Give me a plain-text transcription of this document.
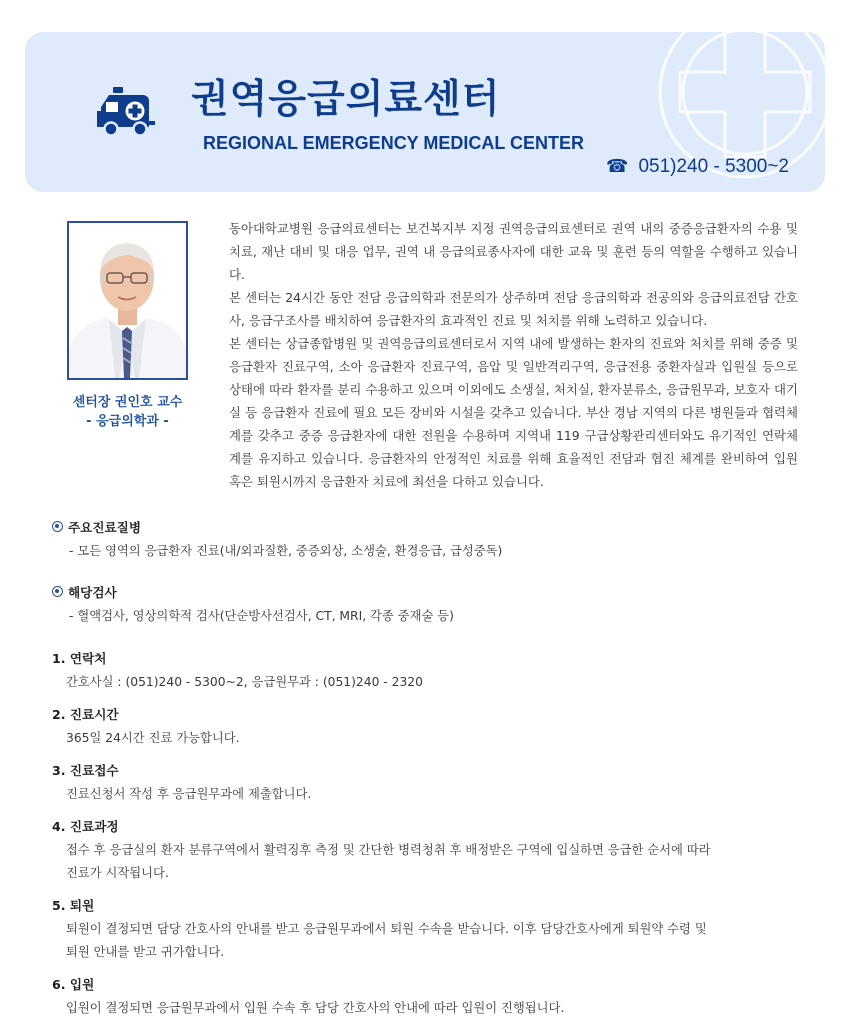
권역응급의료센터
REGIONAL EMERGENCY MEDICAL CENTER
☎ 051)240 - 5300~2
센터장 권인호 교수
- 응급의학과 -

동아대학교병원 응급의료센터는 보건복지부 지정 권역응급의료센터로 권역 내의 중증응급환자의 수용 및 치료, 재난 대비 및 대응 업무, 권역 내 응급의료종사자에 대한 교육 및 훈련 등의 역할을 수행하고 있습니다.

본 센터는 24시간 동안 전담 응급의학과 전문의가 상주하며 전담 응급의학과 전공의와 응급의료전담 간호사, 응급구조사를 배치하여 응급환자의 효과적인 진료 및 처치를 위해 노력하고 있습니다.

본 센터는 상급종합병원 및 권역응급의료센터로서 지역 내에 발생하는 환자의 진료와 처치를 위해 중증 및 응급환자 진료구역, 소아 응급환자 진료구역, 음압 및 일반격리구역, 응급전용 중환자실과 입원실 등으로 상태에 따라 환자를 분리 수용하고 있으며 이외에도 소생실, 처치실, 환자분류소, 응급원무과, 보호자 대기실 등 응급환자 진료에 필요 모든 장비와 시설을 갖추고 있습니다. 부산 경남 지역의 다른 병원들과 협력체계를 갖추고 중증 응급환자에 대한 전원을 수용하며 지역내 119 구급상황관리센터와도 유기적인 연락체계를 유지하고 있습니다. 응급환자의 안정적인 치료를 위해 효율적인 전담과 협진 체계를 완비하여 입원 혹은 퇴원시까지 응급환자 치료에 최선을 다하고 있습니다.

주요진료질병
- 모든 영역의 응급환자 진료(내/외과질환, 중증외상, 소생술, 환경응급, 급성중독)
해당검사
- 혈액검사, 영상의학적 검사(단순방사선검사, CT, MRI, 각종 중재술 등)
1. 연락처
간호사실 : (051)240 - 5300~2, 응급원무과 : (051)240 - 2320
2. 진료시간
365일 24시간 진료 가능합니다.
3. 진료접수
진료신청서 작성 후 응급원무과에 제출합니다.
4. 진료과정
접수 후 응급실의 환자 분류구역에서 활력징후 측정 및 간단한 병력청취 후 배정받은 구역에 입실하면 응급한 순서에 따라
진료가 시작됩니다.
5. 퇴원
퇴원이 결정되면 담당 간호사의 안내를 받고 응급원무과에서 퇴원 수속을 받습니다. 이후 담당간호사에게 퇴원약 수령 및
퇴원 안내를 받고 귀가합니다.
6. 입원
입원이 결정되면 응급원무과에서 입원 수속 후 담당 간호사의 안내에 따라 입원이 진행됩니다.
